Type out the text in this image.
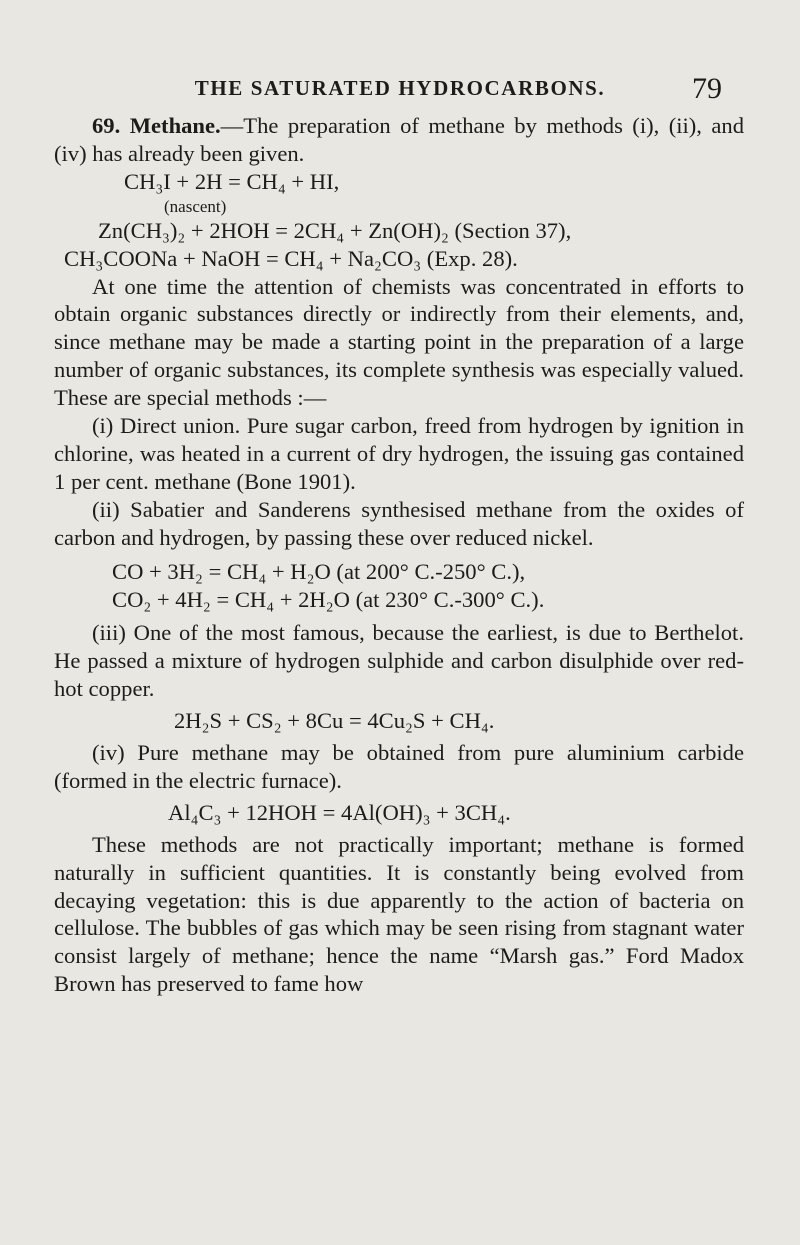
THE SATURATED HYDROCARBONS.	79

69. Methane.—The preparation of methane by methods (i), (ii), and (iv) has already been given.

CH₃I + 2H = CH₄ + HI,

(nascent)

Zn(CH₃)₂ + 2HOH = 2CH₄ + Zn(OH)₂ (Section 37),

CH₃COONa + NaOH = CH₄ + Na₂CO₃ (Exp. 28).

At one time the attention of chemists was concentrated in efforts to obtain organic substances directly or indirectly from their elements, and, since methane may be made a starting point in the preparation of a large number of organic substances, its complete synthesis was especially valued. These are special methods :—

(i) Direct union. Pure sugar carbon, freed from hydrogen by ignition in chlorine, was heated in a current of dry hydrogen, the issuing gas contained 1 per cent. methane (Bone 1901).

(ii) Sabatier and Sanderens synthesised methane from the oxides of carbon and hydrogen, by passing these over reduced nickel.

CO + 3H₂ = CH₄ + H₂O (at 200° C.-250° C.),

CO₂ + 4H₂ = CH₄ + 2H₂O (at 230° C.-300° C.).

(iii) One of the most famous, because the earliest, is due to Berthelot. He passed a mixture of hydrogen sulphide and carbon disulphide over red-hot copper.

2H₂S + CS₂ + 8Cu = 4Cu₂S + CH₄.

(iv) Pure methane may be obtained from pure aluminium carbide (formed in the electric furnace).

Al₄C₃ + 12HOH = 4Al(OH)₃ + 3CH₄.

These methods are not practically important; methane is formed naturally in sufficient quantities. It is constantly being evolved from decaying vegetation: this is due apparently to the action of bacteria on cellulose. The bubbles of gas which may be seen rising from stagnant water consist largely of methane; hence the name “Marsh gas.” Ford Madox Brown has preserved to fame how
